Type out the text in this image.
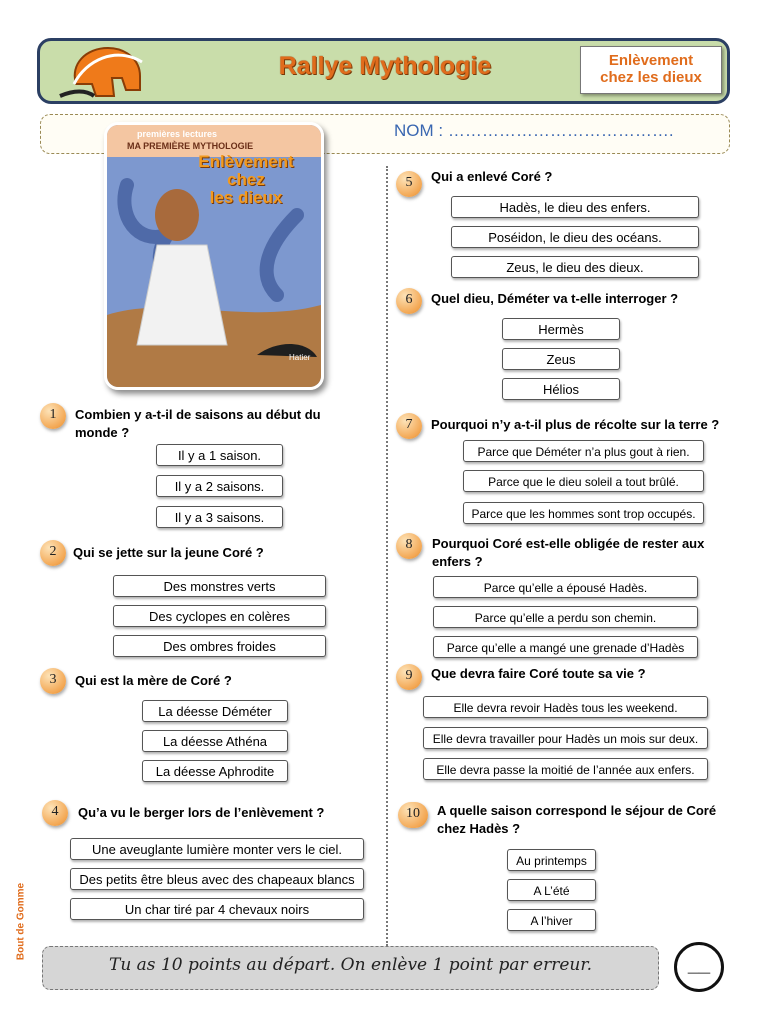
Rallye Mythologie	Enlèvement
chez les dieux
NOM : ………………………………….
premières lectures
MA PREMIÈRE MYTHOLOGIE
Enlèvement
chez
les dieux
Hatier
1	Combien y a-t-il de saisons au début du monde ?
Il y a 1 saison.
Il y a 2 saisons.
Il y a 3 saisons.
2	Qui se jette sur la jeune Coré ?
Des monstres verts
Des cyclopes en colères
Des ombres froides
3	Qui est la mère de Coré ?
La déesse Déméter
La déesse Athéna
La déesse Aphrodite
4	Qu’a vu le berger lors de l’enlèvement ?
Une aveuglante lumière monter vers le ciel.
Des petits être bleus avec des chapeaux blancs
Un char tiré par 4 chevaux noirs
5	Qui a enlevé Coré ?
Hadès, le dieu des enfers.
Poséidon, le dieu des océans.
Zeus, le dieu des dieux.
6	Quel dieu, Déméter va t-elle interroger ?
Hermès
Zeus
Hélios
7	Pourquoi n’y a-t-il plus de récolte sur la terre ?
Parce que Déméter n’a plus gout à rien.
Parce que le dieu soleil a tout brûlé.
Parce que les hommes sont trop occupés.
8	Pourquoi Coré est-elle obligée de rester aux enfers ?
Parce qu’elle a épousé Hadès.
Parce qu’elle a perdu son chemin.
Parce qu’elle a mangé une grenade d’Hadès
9	Que devra faire Coré toute sa vie ?
Elle devra revoir Hadès tous les weekend.
Elle devra travailler pour Hadès un mois sur deux.
Elle devra passe la moitié de l’année aux enfers.
10	A quelle saison correspond le séjour de Coré chez Hadès ?
Au printemps
A L’été
A l’hiver
Bout de Gomme
Tu as 10 points au départ. On enlève 1 point par erreur.	__
